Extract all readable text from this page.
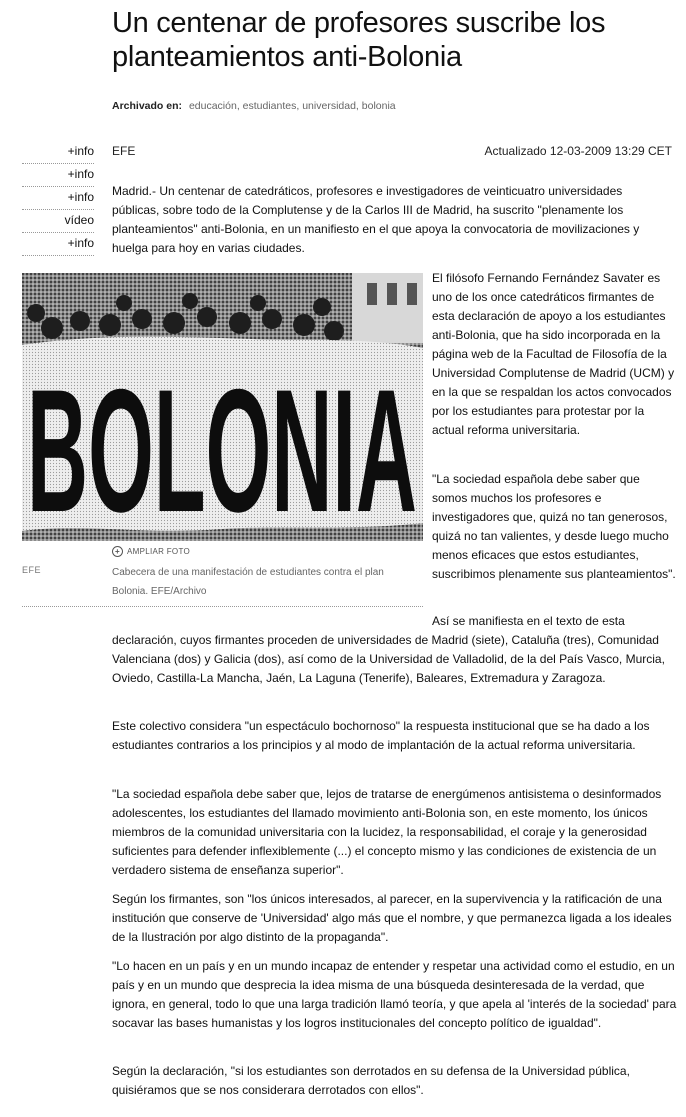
Un centenar de profesores suscribe los planteamientos anti-Bolonia
Archivado en: educación, estudiantes, universidad, bolonia
+info
+info
+info
vídeo
+info
EFE	Actualizado 12-03-2009 13:29 CET

Madrid.- Un centenar de catedráticos, profesores e investigadores de veinticuatro universidades públicas, sobre todo de la Complutense y de la Carlos III de Madrid, ha suscrito "plenamente los planteamientos" anti-Bolonia, en un manifiesto en el que apoya la convocatoria de movilizaciones y huelga para hoy en varias ciudades.

BOLONIA
+ AMPLIAR FOTO
EFE	Cabecera de una manifestación de estudiantes contra el plan Bolonia. EFE/Archivo

El filósofo Fernando Fernández Savater es uno de los once catedráticos firmantes de esta declaración de apoyo a los estudiantes anti-Bolonia, que ha sido incorporada en la página web de la Facultad de Filosofía de la Universidad Complutense de Madrid (UCM) y en la que se respaldan los actos convocados por los estudiantes para protestar por la actual reforma universitaria.

"La sociedad española debe saber que somos muchos los profesores e investigadores que, quizá no tan generosos, quizá no tan valientes, y desde luego mucho menos eficaces que estos estudiantes, suscribimos plenamente sus planteamientos".

Así se manifiesta en el texto de esta declaración, cuyos firmantes proceden de universidades de Madrid (siete), Cataluña (tres), Comunidad Valenciana (dos) y Galicia (dos), así como de la Universidad de Valladolid, de la del País Vasco, Murcia, Oviedo, Castilla-La Mancha, Jaén, La Laguna (Tenerife), Baleares, Extremadura y Zaragoza.

Este colectivo considera "un espectáculo bochornoso" la respuesta institucional que se ha dado a los estudiantes contrarios a los principios y al modo de implantación de la actual reforma universitaria.

"La sociedad española debe saber que, lejos de tratarse de energúmenos antisistema o desinformados adolescentes, los estudiantes del llamado movimiento anti-Bolonia son, en este momento, los únicos miembros de la comunidad universitaria con la lucidez, la responsabilidad, el coraje y la generosidad suficientes para defender inflexiblemente (...) el concepto mismo y las condiciones de existencia de un verdadero sistema de enseñanza superior".

Según los firmantes, son "los únicos interesados, al parecer, en la supervivencia y la ratificación de una institución que conserve de 'Universidad' algo más que el nombre, y que permanezca ligada a los ideales de la Ilustración por algo distinto de la propaganda".

"Lo hacen en un país y en un mundo incapaz de entender y respetar una actividad como el estudio, en un país y en un mundo que desprecia la idea misma de una búsqueda desinteresada de la verdad, que ignora, en general, todo lo que una larga tradición llamó teoría, y que apela al 'interés de la sociedad' para socavar las bases humanistas y los logros institucionales del concepto político de igualdad".

Según la declaración, "si los estudiantes son derrotados en su defensa de la Universidad pública, quisiéramos que se nos considerara derrotados con ellos".
